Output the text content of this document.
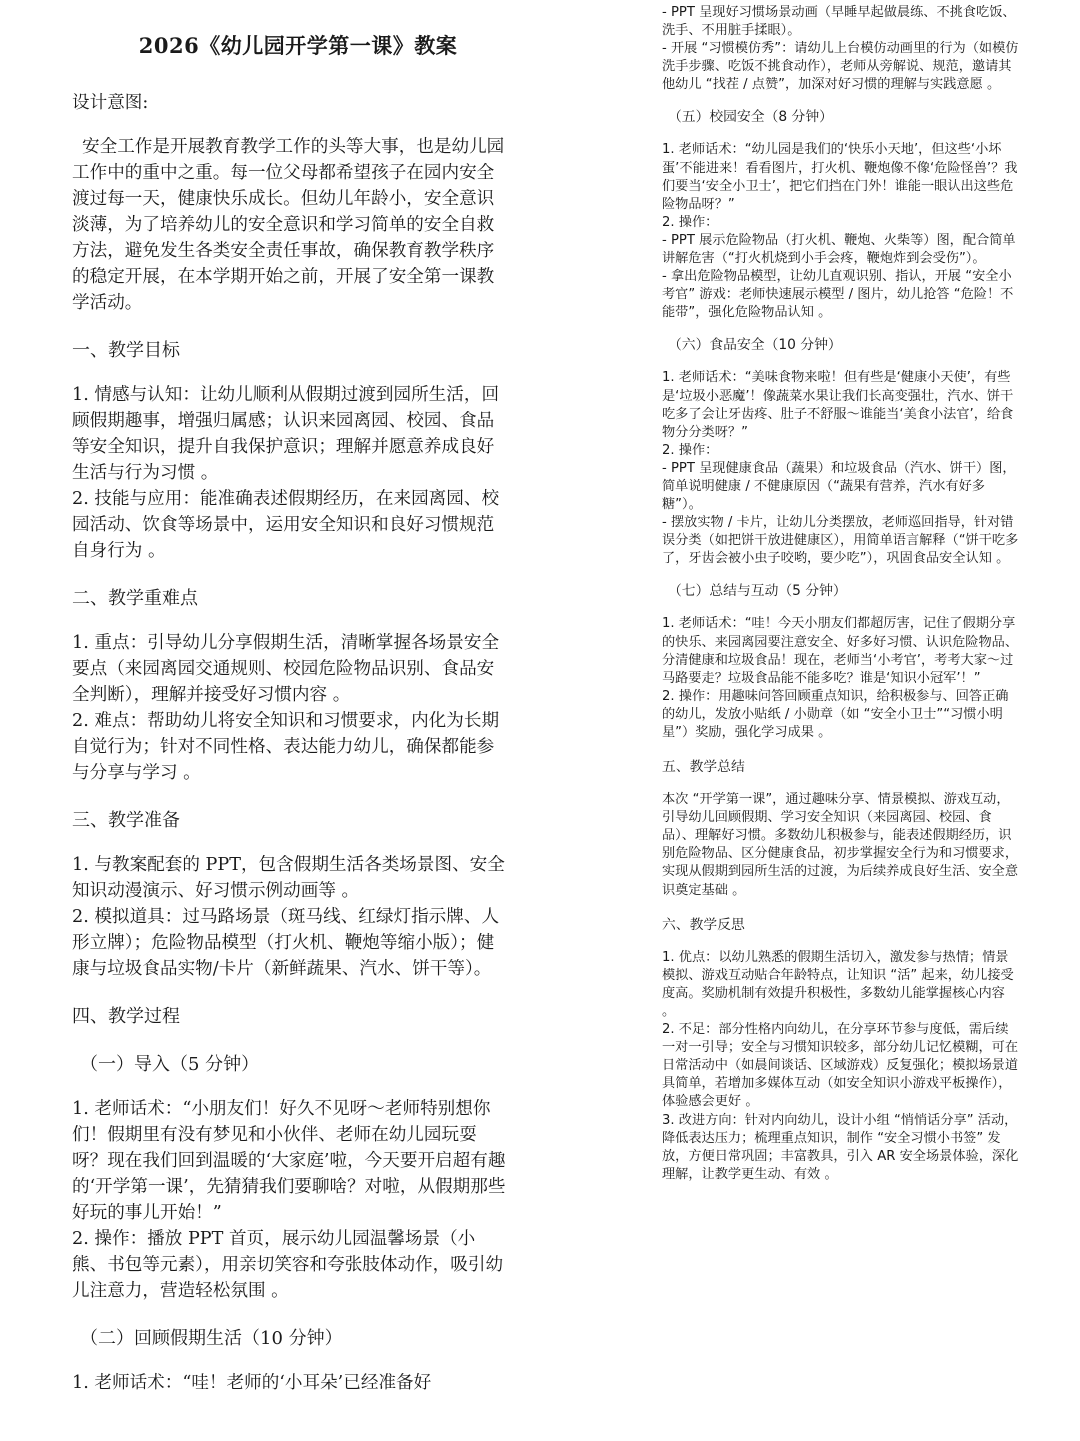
2026《幼儿园开学第一课》教案

设计意图:

安全工作是开展教育教学工作的头等大事，也是幼儿园工作中的重中之重。每一位父母都希望孩子在园内安全渡过每一天，健康快乐成长。但幼儿年龄小，安全意识淡薄，为了培养幼儿的安全意识和学习简单的安全自救方法，避免发生各类安全责任事故，确保教育教学秩序的稳定开展，在本学期开始之前，开展了安全第一课教学活动。

一、教学目标

1. 情感与认知：让幼儿顺利从假期过渡到园所生活，回顾假期趣事，增强归属感；认识来园离园、校园、食品等安全知识，提升自我保护意识；理解并愿意养成良好生活与行为习惯 。
2. 技能与应用：能准确表述假期经历，在来园离园、校园活动、饮食等场景中，运用安全知识和良好习惯规范自身行为 。

二、教学重难点

1. 重点：引导幼儿分享假期生活，清晰掌握各场景安全要点（来园离园交通规则、校园危险物品识别、食品安全判断），理解并接受好习惯内容 。
2. 难点：帮助幼儿将安全知识和习惯要求，内化为长期自觉行为；针对不同性格、表达能力幼儿，确保都能参与分享与学习 。

三、教学准备

1. 与教案配套的 PPT，包含假期生活各类场景图、安全知识动漫演示、好习惯示例动画等 。
2. 模拟道具：过马路场景（斑马线、红绿灯指示牌、人形立牌）；危险物品模型（打火机、鞭炮等缩小版）；健康与垃圾食品实物/卡片（新鲜蔬果、汽水、饼干等）。

四、教学过程

（一）导入（5 分钟）

1. 老师话术：“小朋友们！好久不见呀～老师特别想你们！假期里有没有梦见和小伙伴、老师在幼儿园玩耍呀？现在我们回到温暖的‘大家庭’啦，今天要开启超有趣的‘开学第一课’，先猜猜我们要聊啥？对啦，从假期那些好玩的事儿开始！”
2. 操作：播放 PPT 首页，展示幼儿园温馨场景（小熊、书包等元素），用亲切笑容和夸张肢体动作，吸引幼儿注意力，营造轻松氛围 。

（二）回顾假期生活（10 分钟）

1. 老师话术：“哇！老师的‘小耳朵’已经准备好

- PPT 呈现好习惯场景动画（早睡早起做晨练、不挑食吃饭、洗手、不用脏手揉眼）。
- 开展 “习惯模仿秀”：请幼儿上台模仿动画里的行为（如模仿洗手步骤、吃饭不挑食动作），老师从旁解说、规范，邀请其他幼儿 “找茬 / 点赞”，加深对好习惯的理解与实践意愿 。

（五）校园安全（8 分钟）

1. 老师话术：“幼儿园是我们的‘快乐小天地’，但这些‘小坏蛋’不能进来！看看图片，打火机、鞭炮像不像‘危险怪兽’？我们要当‘安全小卫士’，把它们挡在门外！谁能一眼认出这些危险物品呀？”
2. 操作：
- PPT 展示危险物品（打火机、鞭炮、火柴等）图，配合简单讲解危害（“打火机烧到小手会疼，鞭炮炸到会受伤”）。
- 拿出危险物品模型，让幼儿直观识别、指认，开展 “安全小考官” 游戏：老师快速展示模型 / 图片，幼儿抢答 “危险！不能带”，强化危险物品认知 。

（六）食品安全（10 分钟）

1. 老师话术：“美味食物来啦！但有些是‘健康小天使’，有些是‘垃圾小恶魔’！像蔬菜水果让我们长高变强壮，汽水、饼干吃多了会让牙齿疼、肚子不舒服～谁能当‘美食小法官’，给食物分分类呀？”
2. 操作：
- PPT 呈现健康食品（蔬果）和垃圾食品（汽水、饼干）图，简单说明健康 / 不健康原因（“蔬果有营养，汽水有好多糖”）。
- 摆放实物 / 卡片，让幼儿分类摆放，老师巡回指导，针对错误分类（如把饼干放进健康区），用简单语言解释（“饼干吃多了，牙齿会被小虫子咬哟，要少吃”），巩固食品安全认知 。

（七）总结与互动（5 分钟）

1. 老师话术：“哇！今天小朋友们都超厉害，记住了假期分享的快乐、来园离园要注意安全、好多好习惯、认识危险物品、分清健康和垃圾食品！现在，老师当‘小考官’，考考大家～过马路要走？垃圾食品能不能多吃？谁是‘知识小冠军’！”
2. 操作：用趣味问答回顾重点知识，给积极参与、回答正确的幼儿，发放小贴纸 / 小勋章（如 “安全小卫士”“习惯小明星”）奖励，强化学习成果 。

五、教学总结

本次 “开学第一课”，通过趣味分享、情景模拟、游戏互动，引导幼儿回顾假期、学习安全知识（来园离园、校园、食品）、理解好习惯。多数幼儿积极参与，能表述假期经历，识别危险物品、区分健康食品，初步掌握安全行为和习惯要求，实现从假期到园所生活的过渡，为后续养成良好生活、安全意识奠定基础 。

六、教学反思

1. 优点：以幼儿熟悉的假期生活切入，激发参与热情；情景模拟、游戏互动贴合年龄特点，让知识 “活” 起来，幼儿接受度高。奖励机制有效提升积极性，多数幼儿能掌握核心内容 。
2. 不足：部分性格内向幼儿，在分享环节参与度低，需后续一对一引导；安全与习惯知识较多，部分幼儿记忆模糊，可在日常活动中（如晨间谈话、区域游戏）反复强化；模拟场景道具简单，若增加多媒体互动（如安全知识小游戏平板操作），体验感会更好 。
3. 改进方向：针对内向幼儿，设计小组 “悄悄话分享” 活动，降低表达压力；梳理重点知识，制作 “安全习惯小书签” 发放，方便日常巩固；丰富教具，引入 AR 安全场景体验，深化理解，让教学更生动、有效 。
